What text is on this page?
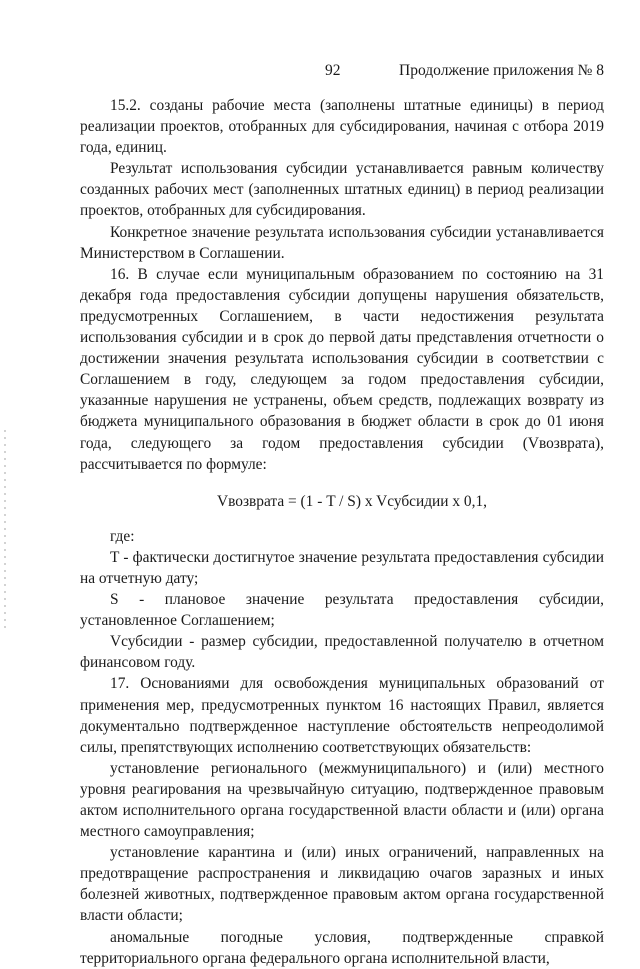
92	Продолжение приложения № 8

15.2. созданы рабочие места (заполнены штатные единицы) в период реализации проектов, отобранных для субсидирования, начиная с отбора 2019 года, единиц.

Результат использования субсидии устанавливается равным количеству созданных рабочих мест (заполненных штатных единиц) в период реализации проектов, отобранных для субсидирования.

Конкретное значение результата использования субсидии устанавливается Министерством в Соглашении.

16. В случае если муниципальным образованием по состоянию на 31 декабря года предоставления субсидии допущены нарушения обязательств, предусмотренных Соглашением, в части недостижения результата использования субсидии и в срок до первой даты представления отчетности о достижении значения результата использования субсидии в соответствии с Соглашением в году, следующем за годом предоставления субсидии, указанные нарушения не устранены, объем средств, подлежащих возврату из бюджета муниципального образования в бюджет области в срок до 01 июня года, следующего за годом предоставления субсидии (Vвозврата), рассчитывается по формуле:

Vвозврата = (1 - T / S) x Vсубсидии x 0,1,

где:

T - фактически достигнутое значение результата предоставления субсидии на отчетную дату;

S - плановое значение результата предоставления субсидии, установленное Соглашением;

Vсубсидии - размер субсидии, предоставленной получателю в отчетном финансовом году.

17. Основаниями для освобождения муниципальных образований от применения мер, предусмотренных пунктом 16 настоящих Правил, является документально подтвержденное наступление обстоятельств непреодолимой силы, препятствующих исполнению соответствующих обязательств:

установление регионального (межмуниципального) и (или) местного уровня реагирования на чрезвычайную ситуацию, подтвержденное правовым актом исполнительного органа государственной власти области и (или) органа местного самоуправления;

установление карантина и (или) иных ограничений, направленных на предотвращение распространения и ликвидацию очагов заразных и иных болезней животных, подтвержденное правовым актом органа государственной власти области;

аномальные погодные условия, подтвержденные справкой территориального органа федерального органа исполнительной власти,
